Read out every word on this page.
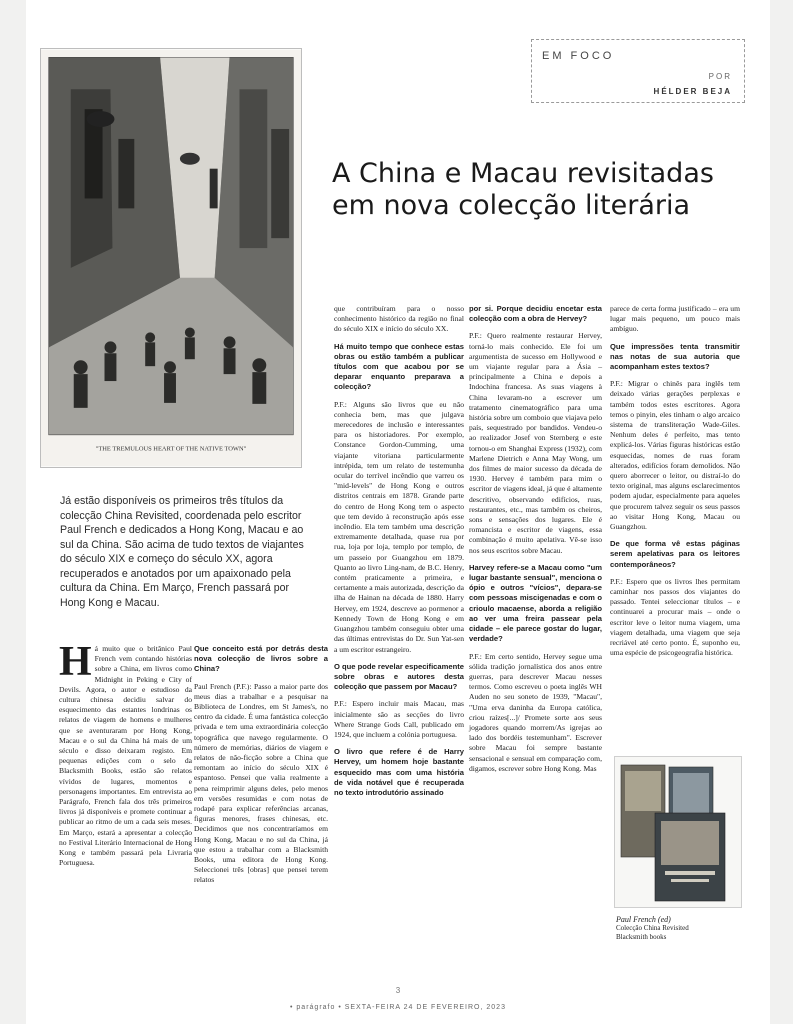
"THE TREMULOUS HEART OF THE NATIVE TOWN"
EM FOCO
POR
HÉLDER BEJA
A China e Macau revisitadas em nova colecção literária
Já estão disponíveis os primeiros três títulos da colecção China Revisited, coordenada pelo escritor Paul French e dedicados a Hong Kong, Macau e ao sul da China. São acima de tudo textos de viajantes do século XIX e começo do século XX, agora recuperados e anotados por um apaixonado pela cultura da China. Em Março, French passará por Hong Kong e Macau.

Há muito que o britânico Paul French vem contando histórias sobre a China, em livros como Midnight in Peking e City of Devils. Agora, o autor e estudioso da cultura chinesa decidiu salvar do esquecimento das estantes londrinas os relatos de viagem de homens e mulheres que se aventuraram por Hong Kong, Macau e o sul da China há mais de um século e disso deixaram registo. Em pequenas edições com o selo da Blacksmith Books, estão são relatos vívidos de lugares, momentos e personagens importantes. Em entrevista ao Parágrafo, French fala dos três primeiros livros já disponíveis e promete continuar a publicar ao ritmo de um a cada seis meses. Em Março, estará a apresentar a colecção no Festival Literário Internacional de Hong Kong e também passará pela Livraria Portuguesa.

Que conceito está por detrás desta nova colecção de livros sobre a China?

Paul French (P.F.): Passo a maior parte dos meus dias a trabalhar e a pesquisar na Biblioteca de Londres, em St James's, no centro da cidade. É uma fantástica colecção privada e tem uma extraordinária colecção topográfica que navego regularmente. O número de memórias, diários de viagem e relatos de não-ficção sobre a China que remontam ao início do século XIX é espantoso. Pensei que valia realmente a pena reimprimir alguns deles, pelo menos em versões resumidas e com notas de rodapé para explicar referências arcanas, figuras menores, frases chinesas, etc. Decidimos que nos concentraríamos em Hong Kong, Macau e no sul da China, já que estou a trabalhar com a Blacksmith Books, uma editora de Hong Kong. Seleccionei três [obras] que pensei terem relatos

que contribuíram para o nosso conhecimento histórico da região no final do século XIX e início do século XX.

Há muito tempo que conhece estas obras ou estão também a publicar títulos com que acabou por se deparar enquanto preparava a colecção?

P.F.: Alguns são livros que eu não conhecia bem, mas que julgava merecedores de inclusão e interessantes para os historiadores. Por exemplo, Constance Gordon-Cumming, uma viajante vitoriana particularmente intrépida, tem um relato de testemunha ocular do terrível incêndio que varreu os "mid-levels" de Hong Kong e outros distritos centrais em 1878. Grande parte do centro de Hong Kong tem o aspecto que tem devido à reconstrução após esse incêndio. Ela tem também uma descrição extremamente detalhada, quase rua por rua, loja por loja, templo por templo, de um passeio por Guangzhou em 1879. Quanto ao livro Ling-nam, de B.C. Henry, contém praticamente a primeira, e certamente a mais autorizada, descrição da ilha de Hainan na década de 1880. Harry Hervey, em 1924, descreve ao pormenor a Kennedy Town de Hong Kong e em Guangzhou também conseguiu obter uma das últimas entrevistas do Dr. Sun Yat-sen a um escritor estrangeiro.

O que pode revelar especificamente sobre obras e autores desta colecção que passem por Macau?

P.F.: Espero incluir mais Macau, mas inicialmente são as secções do livro Where Strange Gods Call, publicado em 1924, que incluem a colónia portuguesa.

O livro que refere é de Harry Hervey, um homem hoje bastante esquecido mas com uma história de vida notável que é recuperada no texto introdutório assinado

por si. Porque decidiu encetar esta colecção com a obra de Hervey?

P.F.: Quero realmente restaurar Hervey, torná-lo mais conhecido. Ele foi um argumentista de sucesso em Hollywood e um viajante regular para a Ásia – principalmente a China e depois a Indochina francesa. As suas viagens à China levaram-no a escrever um tratamento cinematográfico para uma história sobre um comboio que viajava pelo país, sequestrado por bandidos. Vendeu-o ao realizador Josef von Sternberg e este tornou-o em Shanghai Express (1932), com Marlene Dietrich e Anna May Wong, um dos filmes de maior sucesso da década de 1930. Hervey é também para mim o escritor de viagens ideal, já que é altamente descritivo, observando edifícios, ruas, restaurantes, etc., mas também os cheiros, sons e sensações dos lugares. Ele é romancista e escritor de viagens, essa combinação é muito apelativa. Vê-se isso nos seus escritos sobre Macau.

Harvey refere-se a Macau como "um lugar bastante sensual", menciona o ópio e outros "vícios", depara-se com pessoas miscigenadas e com o crioulo macaense, aborda a religião ao ver uma freira passear pela cidade – ele parece gostar do lugar, verdade?

P.F.: Em certo sentido, Hervey segue uma sólida tradição jornalística dos anos entre guerras, para descrever Macau nesses termos. Como escreveu o poeta inglês WH Auden no seu soneto de 1939, "Macau", "Uma erva daninha da Europa católica, criou raízes[...]/ Promete sorte aos seus jogadores quando morrem/As igrejas ao lado dos bordéis testemunham". Escrever sobre Macau foi sempre bastante sensacional e sensual em comparação com, digamos, escrever sobre Hong Kong. Mas

parece de certa forma justificado – era um lugar mais pequeno, um pouco mais ambíguo.

Que impressões tenta transmitir nas notas de sua autoria que acompanham estes textos?

P.F.: Migrar o chinês para inglês tem deixado várias gerações perplexas e também todos estes escritores. Agora temos o pinyin, eles tinham o algo arcaico sistema de transliteração Wade-Giles. Nenhum deles é perfeito, mas tento explicá-los. Várias figuras históricas estão esquecidas, nomes de ruas foram alterados, edifícios foram demolidos. Não quero aborrecer o leitor, ou distraí-lo do texto original, mas alguns esclarecimentos podem ajudar, especialmente para aqueles que procurem talvez seguir os seus passos ao visitar Hong Kong, Macau ou Guangzhou.

De que forma vê estas páginas serem apelativas para os leitores contemporâneos?

P.F.: Espero que os livros lhes permitam caminhar nos passos dos viajantes do passado. Tentei seleccionar títulos – e continuarei a procurar mais – onde o escritor leve o leitor numa viagem, uma viagem detalhada, uma viagem que seja recriável até certo ponto. É, suponho eu, uma espécie de psicogeografia histórica.

Paul French (ed)
Colecção China Revisited
Blacksmith books
3
• parágrafo • SEXTA-FEIRA 24 DE FEVEREIRO, 2023
